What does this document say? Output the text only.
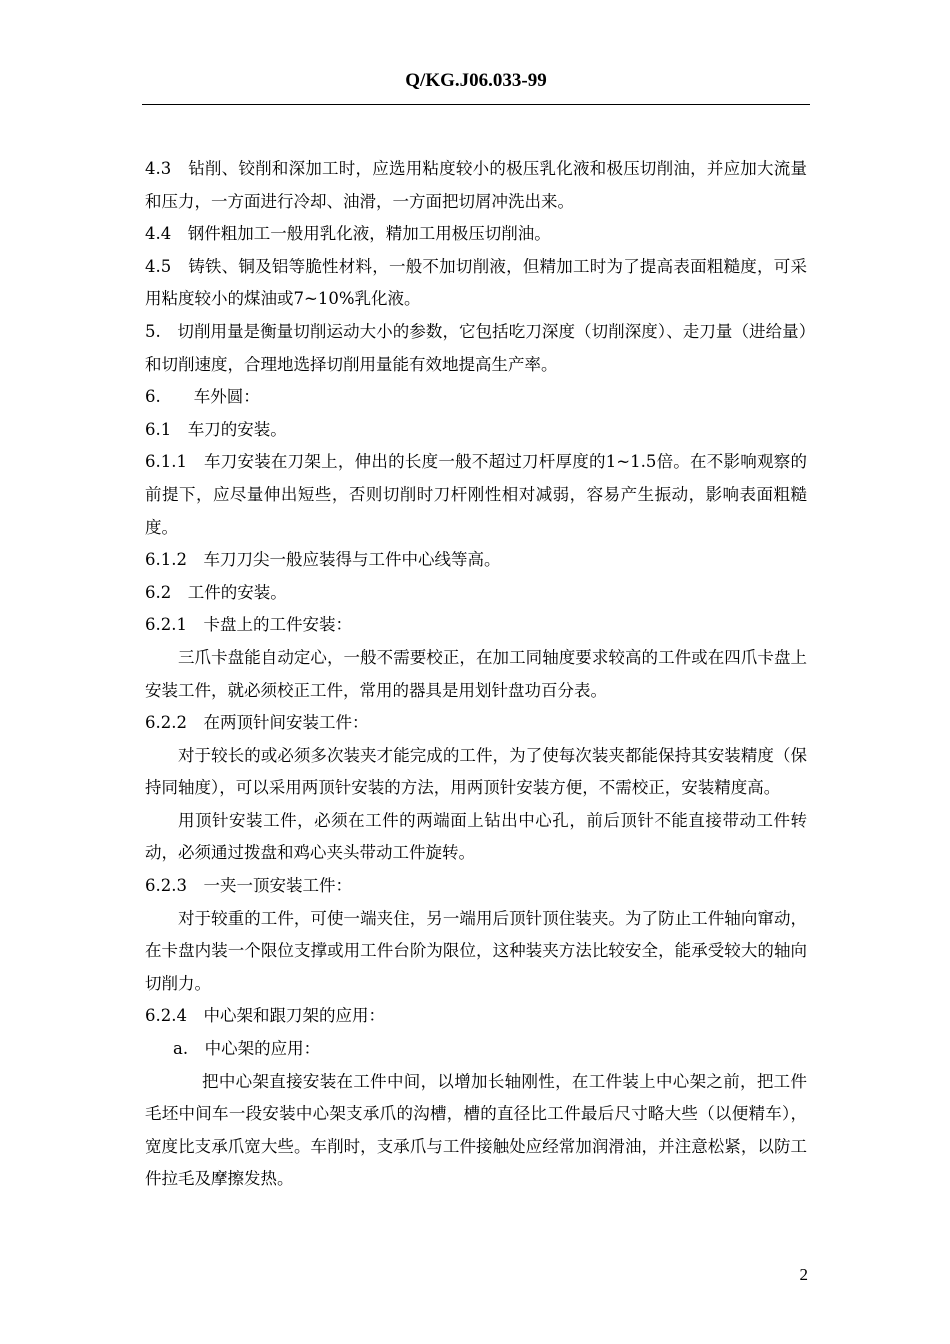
Q/KG.J06.033-99

4.3　钻削、铰削和深加工时，应选用粘度较小的极压乳化液和极压切削油，并应加大流量和压力，一方面进行冷却、油滑，一方面把切屑冲洗出来。

4.4　钢件粗加工一般用乳化液，精加工用极压切削油。

4.5　铸铁、铜及铝等脆性材料，一般不加切削液，但精加工时为了提高表面粗糙度，可采用粘度较小的煤油或7~10%乳化液。

5.　切削用量是衡量切削运动大小的参数，它包括吃刀深度（切削深度）、走刀量（进给量）和切削速度，合理地选择切削用量能有效地提高生产率。

6.　　车外圆：

6.1　车刀的安装。

6.1.1　车刀安装在刀架上，伸出的长度一般不超过刀杆厚度的1~1.5倍。在不影响观察的前提下，应尽量伸出短些，否则切削时刀杆刚性相对减弱，容易产生振动，影响表面粗糙度。

6.1.2　车刀刀尖一般应装得与工件中心线等高。

6.2　工件的安装。

6.2.1　卡盘上的工件安装：

三爪卡盘能自动定心，一般不需要校正，在加工同轴度要求较高的工件或在四爪卡盘上安装工件，就必须校正工件，常用的器具是用划针盘功百分表。

6.2.2　在两顶针间安装工件：

对于较长的或必须多次装夹才能完成的工件，为了使每次装夹都能保持其安装精度（保持同轴度），可以采用两顶针安装的方法，用两顶针安装方便，不需校正，安装精度高。

用顶针安装工件，必须在工件的两端面上钻出中心孔，前后顶针不能直接带动工件转动，必须通过拨盘和鸡心夹头带动工件旋转。

6.2.3　一夹一顶安装工件：

对于较重的工件，可使一端夹住，另一端用后顶针顶住装夹。为了防止工件轴向窜动，在卡盘内装一个限位支撑或用工件台阶为限位，这种装夹方法比较安全，能承受较大的轴向切削力。

6.2.4　中心架和跟刀架的应用：

a.　中心架的应用：

把中心架直接安装在工件中间，以增加长轴刚性，在工件装上中心架之前，把工件毛坯中间车一段安装中心架支承爪的沟槽，槽的直径比工件最后尺寸略大些（以便精车），宽度比支承爪宽大些。车削时，支承爪与工件接触处应经常加润滑油，并注意松紧，以防工件拉毛及摩擦发热。

2
